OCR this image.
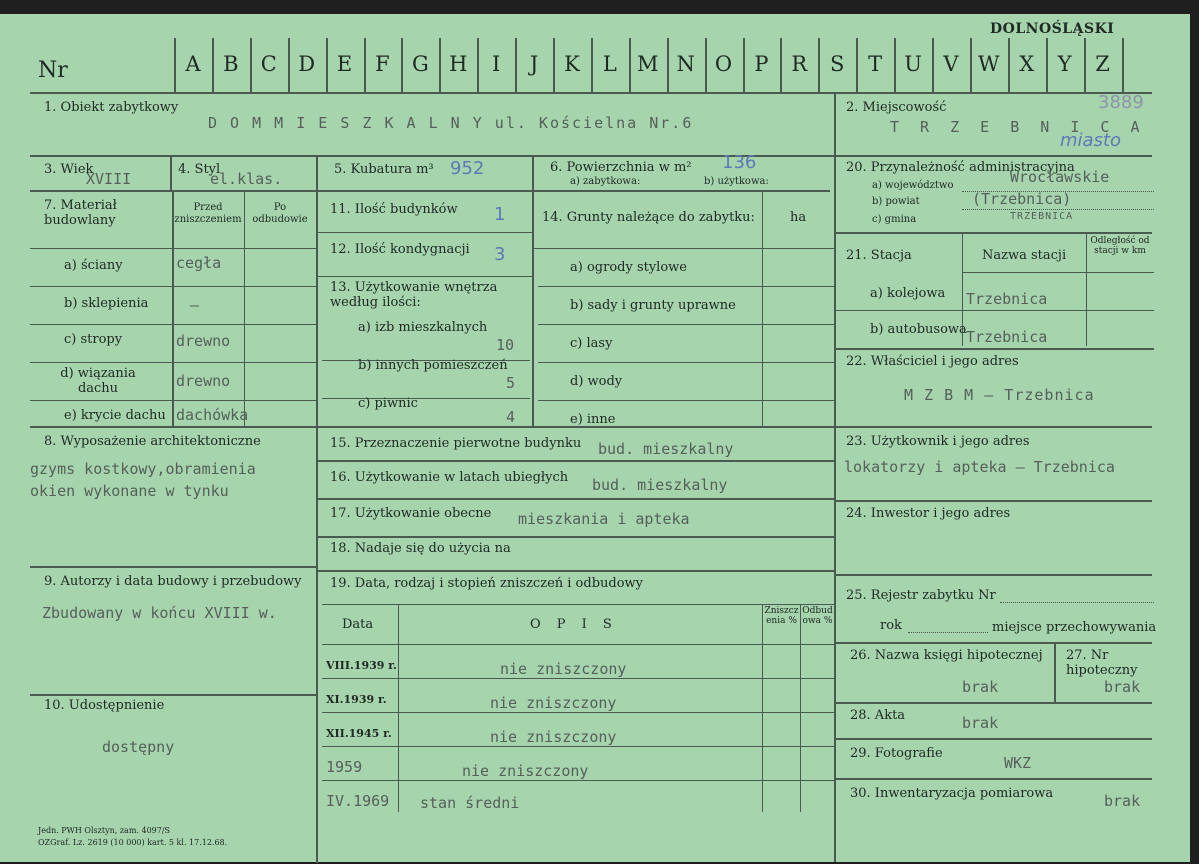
Nr	A	B	C	D	E	F	G H	I	J	K	L M N O	P	R	S	T	U	V W X	Y	Z
DOLNOŚLĄSKI
3889
1. Obiekt zabytkowy
D O M M I E S Z K A L N Y ul. Kościelna Nr.6
2. Miejscowość
T R Z E B N I C A
miasto
3. Wiek
XVIII
4. Styl
el.klas.
5. Kubatura m³ 952	6. Powierzchnia w m² 136
a) zabytkowa:	b) użytkowa:
20. Przynależność administracyjna
a) województwo	Wrocławskie
b) powiat	(Trzebnica)
c) gmina	TRZEBNICA
7. Materiał budowlany
Przed zniszczeniem
Po odbudowie
a) ściany	cegła
b) sklepienia	–
c) stropy	drewno
d) wiązania dachu	drewno
e) krycie dachu dachówka
11. Ilość budynków 1
12. Ilość kondygnacji 3
13. Użytkowanie wnętrza według ilości:
a) izb mieszkalnych
10
b) innych pomieszczeń
5
c) piwnic
4
14. Grunty należące do zabytku:	ha
a) ogrody stylowe
b) sady i grunty uprawne
c) lasy
d) wody
e) inne
21. Stacja	Nazwa stacji
Odległość od stacji w km
a) kolejowa Trzebnica
b) autobusowa Trzebnica
22. Właściciel i jego adres
M Z B M – Trzebnica
8. Wyposażenie architektoniczne
gzyms kostkowy,obramienia
okien wykonane w tynku
15. Przeznaczenie pierwotne budynku bud. mieszkalny
16. Użytkowanie w latach ubiegłych bud. mieszkalny
17. Użytkowanie obecne mieszkania i apteka
18. Nadaje się do użycia na
23. Użytkownik i jego adres
lokatorzy i apteka – Trzebnica
24. Inwestor i jego adres
9. Autorzy i data budowy i przebudowy
Zbudowany w końcu XVIII w.
19. Data, rodzaj i stopień zniszczeń i odbudowy
Data	O P I S
Zniszczenia %
Odbudowa %
VIII.1939 r.	nie zniszczony
XI.1939 r.	nie zniszczony
XII.1945 r.	nie zniszczony
1959	nie zniszczony
IV.1969 stan średni
25. Rejestr zabytku Nr
rok	miejsce przechowywania
10. Udostępnienie
dostępny
26. Nazwa księgi hipotecznej
brak
27. Nr hipoteczny
brak
28. Akta	brak
29. Fotografie
WKZ
30. Inwentaryzacja pomiarowa	brak
Jedn. PWH Olsztyn, zam. 4097/S
OZGraf. Lz. 2619 (10 000) kart. 5 kl. 17.12.68.
